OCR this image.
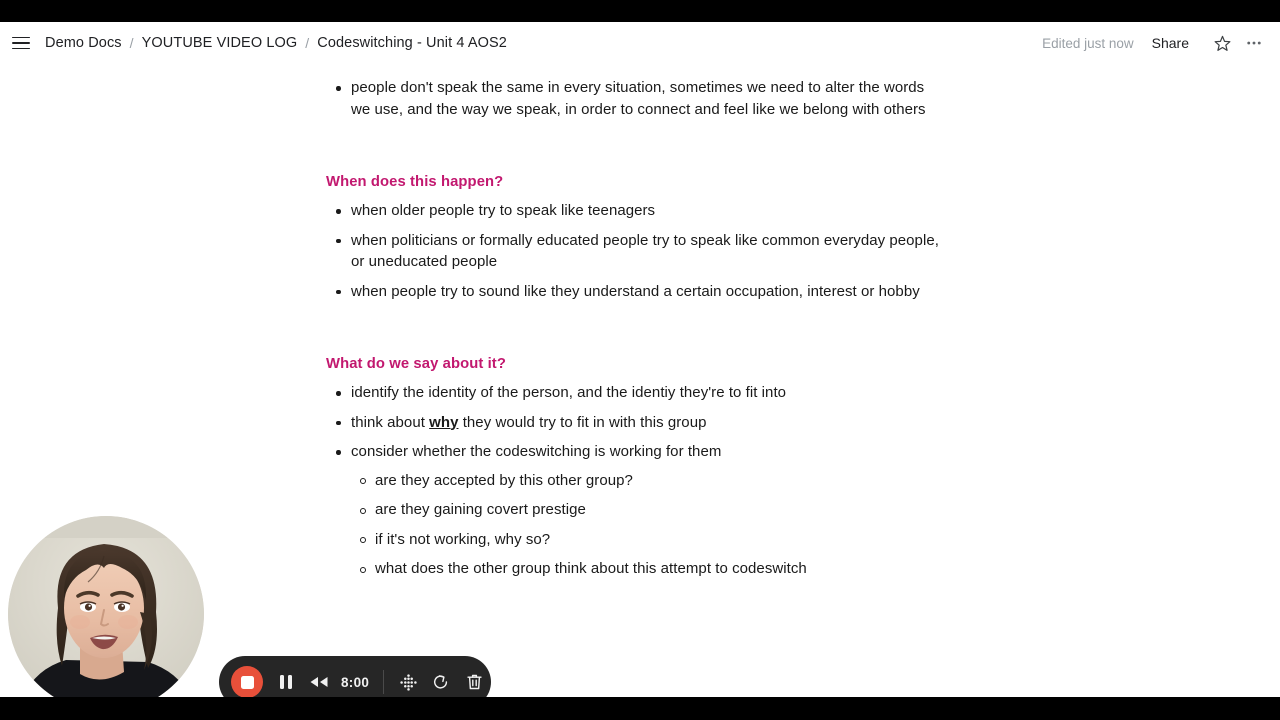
Demo Docs / YOUTUBE VIDEO LOG / Codeswitching - Unit 4 AOS2	Edited just now Share
people don't speak the same in every situation, sometimes we need to alter the words we use, and the way we speak, in order to connect and feel like we belong with others
When does this happen?
when older people try to speak like teenagers
when politicians or formally educated people try to speak like common everyday people, or uneducated people
when people try to sound like they understand a certain occupation, interest or hobby
What do we say about it?
identify the identity of the person, and the identiy they're to fit into
think about why they would try to fit in with this group
consider whether the codeswitching is working for them
are they accepted by this other group?
are they gaining covert prestige
if it's not working, why so?
what does the other group think about this attempt to codeswitch
8:00
